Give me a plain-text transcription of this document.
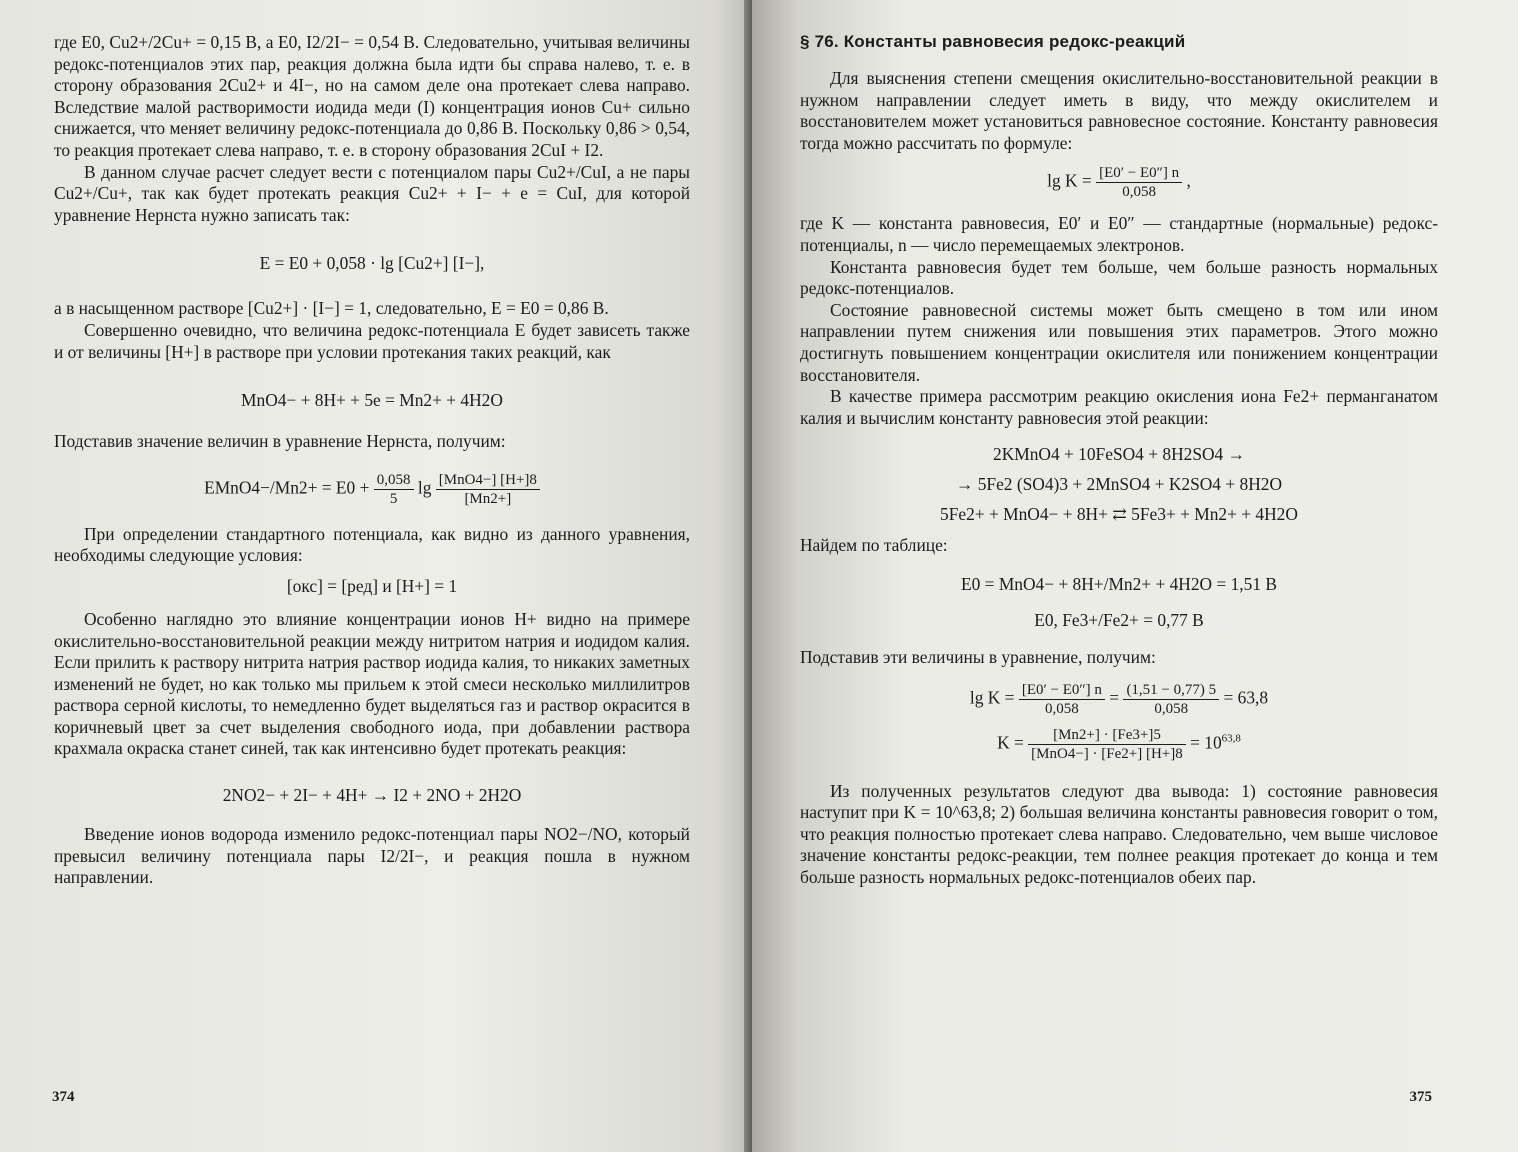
где E0, Cu2+/2Cu+ = 0,15 В, а E0, I2/2I− = 0,54 В. Следовательно, учитывая величины редокс-потенциалов этих пар, реакция должна была идти бы справа налево, т. е. в сторону образования 2Cu2+ и 4I−, но на самом деле она протекает слева направо. Вследствие малой растворимости иодида меди (I) концентрация ионов Cu+ сильно снижается, что меняет величину редокс-потенциала до 0,86 В. Поскольку 0,86 > 0,54, то реакция протекает слева направо, т. е. в сторону образования 2CuI + I2.

В данном случае расчет следует вести с потенциалом пары Cu2+/CuI, а не пары Cu2+/Cu+, так как будет протекать реакция Cu2+ + I− + e = CuI, для которой уравнение Нернста нужно записать так:

E = E0 + 0,058 · lg [Cu2+] [I−],

а в насыщенном растворе [Cu2+] · [I−] = 1, следовательно, E = E0 = 0,86 В.

Совершенно очевидно, что величина редокс-потенциала E будет зависеть также и от величины [H+] в растворе при условии протекания таких реакций, как

MnO4− + 8H+ + 5e = Mn2+ + 4H2O

Подставив значение величин в уравнение Нернста, получим:

EMnO4−/Mn2+ = $E0 + \frac{0,058}{5}$ $\lg \frac{\text{[MnO4−] [H+]8}}{[Mn2+]}$

При определении стандартного потенциала, как видно из данного уравнения, необходимы следующие условия:

[окс] = [ред] и [H+] = 1

Особенно наглядно это влияние концентрации ионов H+ видно на примере окислительно-восстановительной реакции между нитритом натрия и иодидом калия. Если прилить к раствору нитрита натрия раствор иодида калия, то никаких заметных изменений не будет, но как только мы прильем к этой смеси несколько миллилитров раствора серной кислоты, то немедленно будет выделяться газ и раствор окрасится в коричневый цвет за счет выделения свободного иода, при добавлении раствора крахмала окраска станет синей, так как интенсивно будет протекать реакция:

2NO2− + 2I− + 4H+ → I2 + 2NO + 2H2O

Введение ионов водорода изменило редокс-потенциал пары NO2−/NO, который превысил величину потенциала пары I2/2I−, и реакция пошла в нужном направлении.

374
§ 76. Константы равновесия редокс-реакций

Для выяснения степени смещения окислительно-восстановительной реакции в нужном направлении следует иметь в виду, что между окислителем и восстановителем может установиться равновесное состояние. Константу равновесия тогда можно рассчитать по формуле:

$\lg K = \frac{[E0' - E0''] n}{0,058}$ ,

где K — константа равновесия, E0′ и E0″ — стандартные (нормальные) редокс-потенциалы, n — число перемещаемых электронов.

Константа равновесия будет тем больше, чем больше разность нормальных редокс-потенциалов.

Состояние равновесной системы может быть смещено в том или ином направлении путем снижения или повышения этих параметров. Этого можно достигнуть повышением концентрации окислителя или понижением концентрации восстановителя.

В качестве примера рассмотрим реакцию окисления иона Fe2+ перманганатом калия и вычислим константу равновесия этой реакции:

2KMnO4 + 10FeSO4 + 8H2SO4 →
→ 5Fe2 (SO4)3 + 2MnSO4 + K2SO4 + 8H2O
5Fe2+ + MnO4− + 8H+ ⇄ 5Fe3+ + Mn2+ + 4H2O

Найдем по таблице:

E0 = MnO4− + 8H+/Mn2+ + 4H2O = 1,51 В
E0, Fe3+/Fe2+ = 0,77 В

Подставив эти величины в уравнение, получим:

$\lg K = \frac{[E0' - E0''] n}{0,058} = \frac{(1,51 - 0,77) 5}{0,058} = 63,8$
$K = \frac{[Mn2+] \cdot [Fe3+]5}{\text{[MnO4−] · [Fe2+] [H+]8}} = 10^{63,8}$

Из полученных результатов следуют два вывода: 1) состояние равновесия наступит при K = 10^63,8; 2) большая величина константы равновесия говорит о том, что реакция полностью протекает слева направо. Следовательно, чем выше числовое значение константы редокс-реакции, тем полнее реакция протекает до конца и тем больше разность нормальных редокс-потенциалов обеих пар.

375
